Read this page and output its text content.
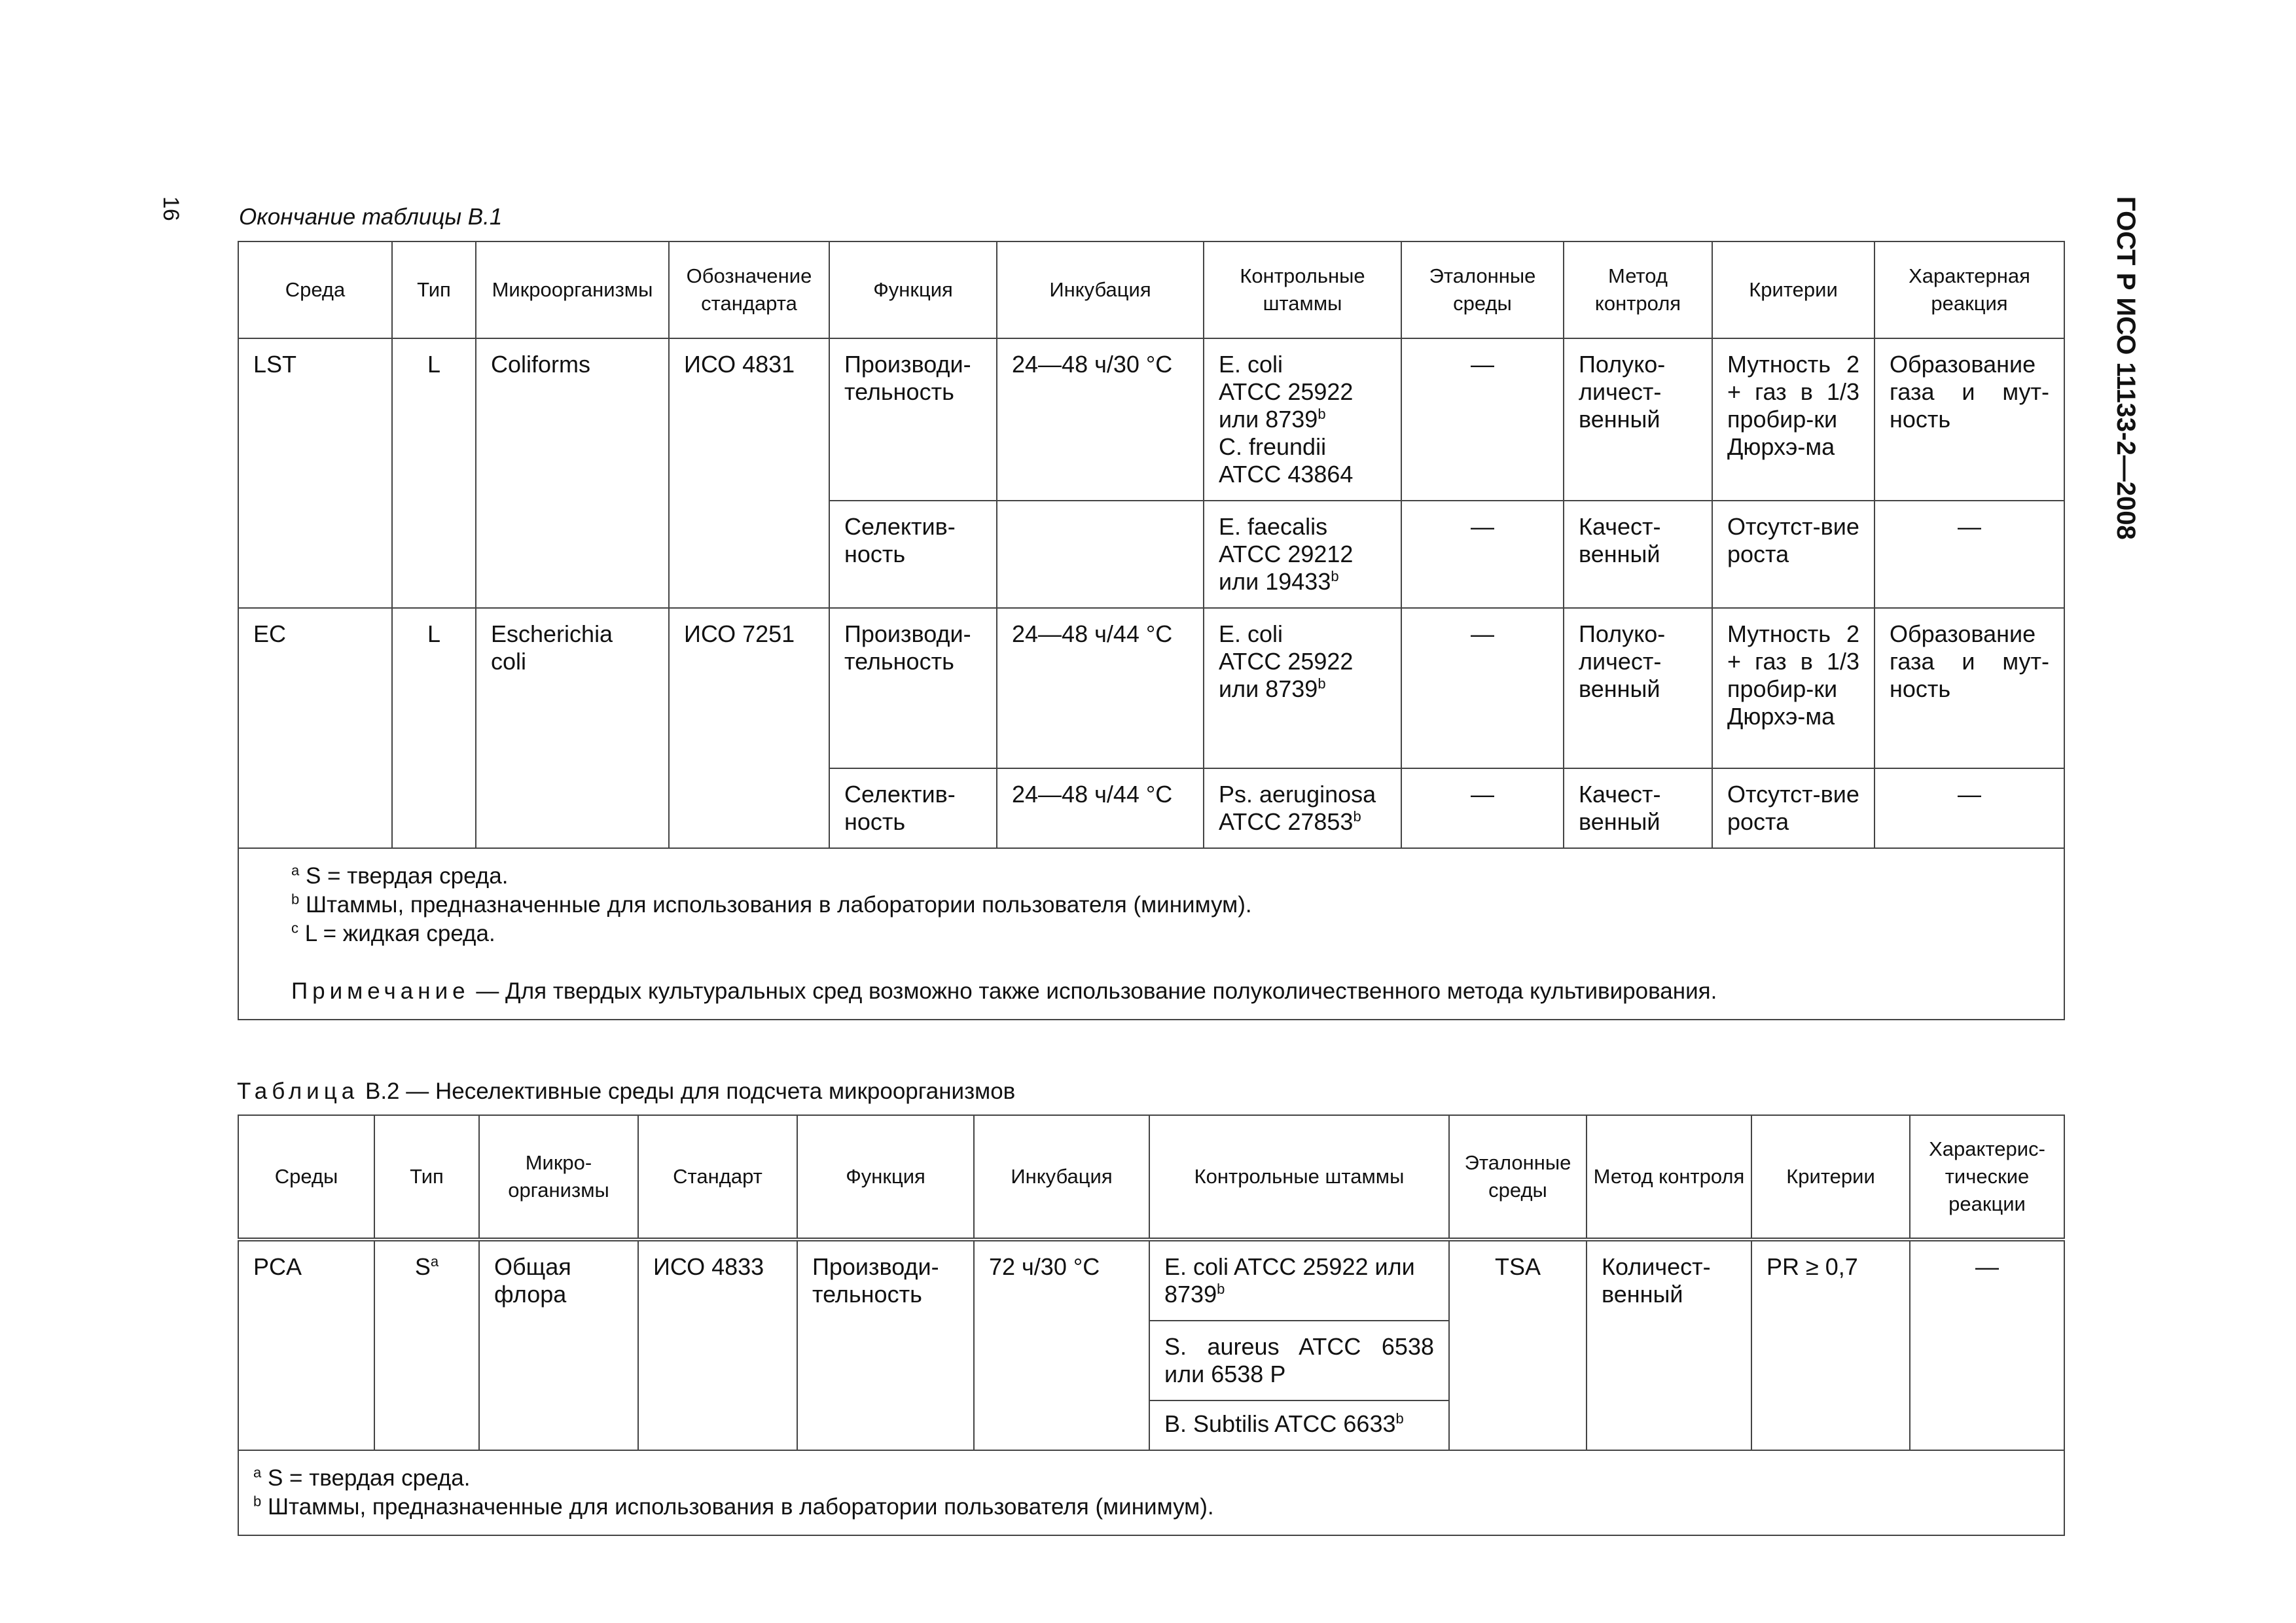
16	ГОСТ Р ИСО 11133-2—2008
Окончание таблицы B.1
Среда	Тип	Микроорганизмы	Обозначение стандарта	Функция	Инкубация	Контрольные штаммы	Эталонные среды	Метод контроля	Критерии	Характерная реакция
LST	L	Coliforms	ИСО 4831	Производи-тельность	24—48 ч/30 °С	E. coli
ATCC 25922
или 8739$^b$
C. freundii
ATCC 43864	—	Полуко-личест-венный	Мутность 2 + газ в 1/3 пробир-ки Дюрхэ-ма	Образование газа и мут-ность
				Селектив-ность		E. faecalis
ATCC 29212
или 19433$^b$	—	Качест-венный	Отсутст-вие роста	—
EC	L	Escherichia coli	ИСО 7251	Производи-тельность	24—48 ч/44 °С	E. coli
ATCC 25922
или 8739$^b$	—	Полуко-личест-венный	Мутность 2 + газ в 1/3 пробир-ки Дюрхэ-ма	Образование газа и мут-ность
				Селектив-ность	24—48 ч/44 °С	Ps. aeruginosa
ATCC 27853$^b$	—	Качест-венный	Отсутст-вие роста	—

$^a$ S = твердая среда.
$^b$ Штаммы, предназначенные для использования в лаборатории пользователя (минимум).
$^c$ L = жидкая среда.
Примечание — Для твердых культуральных сред возможно также использование полуколичественного метода культивирования.										
Таблица В.2 — Неселективные среды для подсчета микроорганизмов
Среды	Тип	Микро-организмы	Стандарт	Функция	Инкубация	Контрольные штаммы	Эталонные среды	Метод контроля	Критерии	Характерис-тические реакции
PCA	$S^a$	Общая флора	ИСО 4833	Производи-тельность	72 ч/30 °С	E. coli ATCC 25922 или 8739$^b$	TSA	Количест-венный	PR ≥ 0,7	—
						S. aureus ATCC 6538 или 6538 P				
						B. Subtilis ATCC 6633$^b$

$^a$ S = твердая среда.
$^b$ Штаммы, предназначенные для использования в лаборатории пользователя (минимум).										
